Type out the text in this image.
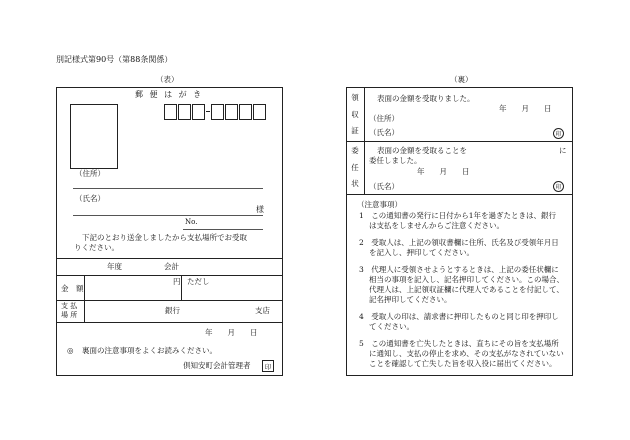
別記様式第90号（第88条関係）
（表）
郵 便 は が き
（住所）
（氏名）
様
No.
下記のとおり送金しましたから支払場所でお受取
りください。
年度	会計
金　額
円 ただし
支 払
場 所	銀行	支店
年　　月　　日
◎ 裏面の注意事項をよくお読みください。
倶知安町会計管理者	印
（裏）
領
収
証
表面の金額を受取りました。
年　　月　　日
（住所）
（氏名）	印
委
任
状
表面の金額を受取ることを	に
委任しました。
年　　月　　日
（氏名）	印
（注意事項）
1　この通知書の発行に日付から1年を過ぎたときは、銀行
は支払をしませんからご注意ください。
2　受取人は、上記の領収書欄に住所、氏名及び受領年月日
を記入し、押印してください。
3　代理人に受領させようとするときは、上記の委任状欄に
相当の事項を記入し、記名押印してください。この場合、
代理人は、上記領収証欄に代理人であることを付記して、
記名押印してください。
4　受取人の印は、請求書に押印したものと同じ印を押印し
てください。
5　この通知書を亡失したときは、直ちにその旨を支払場所
に通知し、支払の停止を求め、その支払がなされていない
ことを確認して亡失した旨を収入役に届出てください。
